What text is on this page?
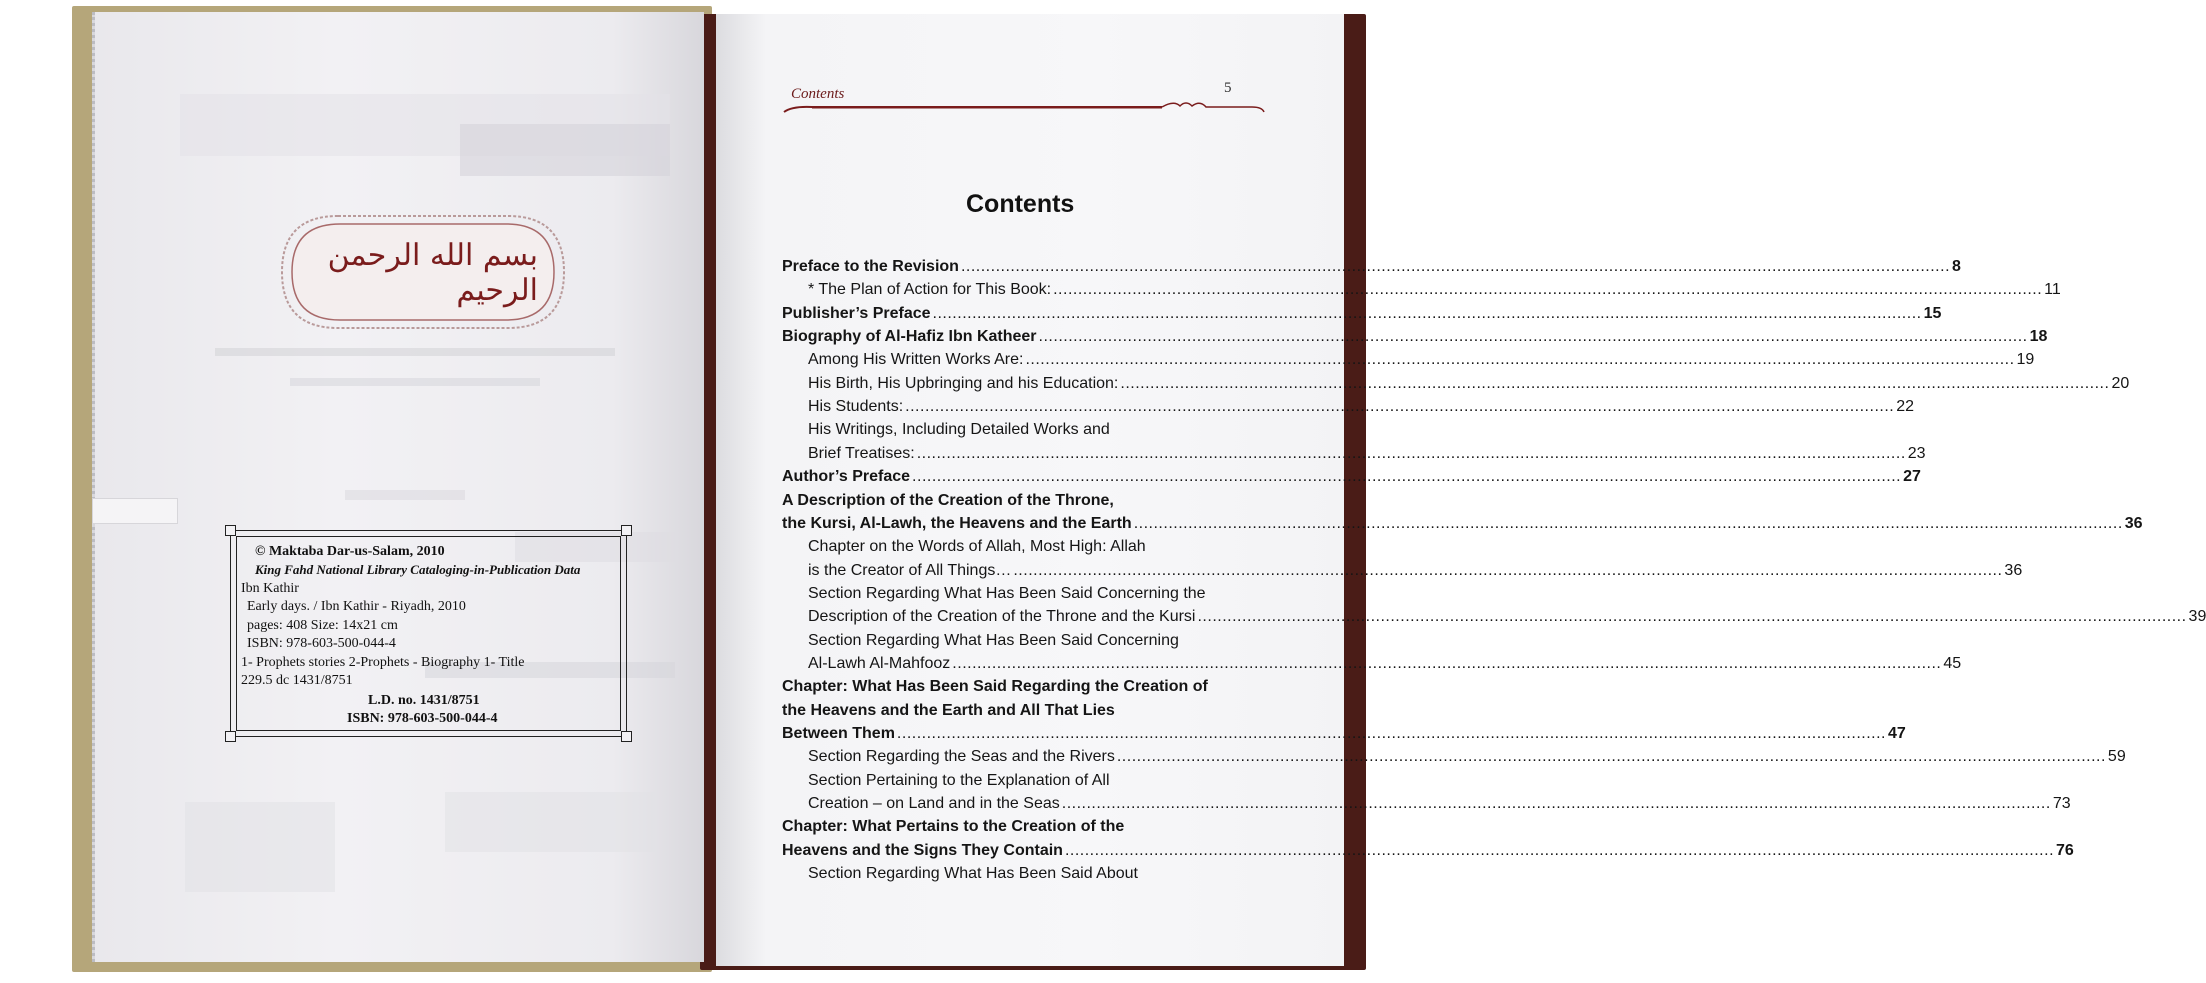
بسم الله الرحمن الرحيم
© Maktaba Dar-us-Salam, 2010
King Fahd National Library Cataloging-in-Publication Data
Ibn Kathir
Early days. / Ibn Kathir - Riyadh, 2010
pages: 408 Size: 14x21 cm
ISBN: 978-603-500-044-4
1- Prophets stories 2-Prophets - Biography 1- Title
229.5 dc 1431/8751
L.D. no. 1431/8751
ISBN: 978-603-500-044-4
Contents	5
Contents
Preface to the Revision ........................................................................................................................................................................................................ 8
* The Plan of Action for This Book: ........................................................................................................................................................................................................ 11
Publisher’s Preface ........................................................................................................................................................................................................ 15
Biography of Al-Hafiz Ibn Katheer ........................................................................................................................................................................................................ 18
Among His Written Works Are: ........................................................................................................................................................................................................ 19
His Birth, His Upbringing and his Education: ........................................................................................................................................................................................................ 20
His Students: ........................................................................................................................................................................................................ 22
His Writings, Including Detailed Works and
Brief Treatises: ........................................................................................................................................................................................................ 23
Author’s Preface ........................................................................................................................................................................................................ 27
A Description of the Creation of the Throne,
the Kursi, Al-Lawh, the Heavens and the Earth ........................................................................................................................................................................................................ 36
Chapter on the Words of Allah, Most High: Allah
is the Creator of All Things… ........................................................................................................................................................................................................ 36
Section Regarding What Has Been Said Concerning the
Description of the Creation of the Throne and the Kursi ........................................................................................................................................................................................................ 39
Section Regarding What Has Been Said Concerning
Al-Lawh Al-Mahfooz ........................................................................................................................................................................................................ 45
Chapter: What Has Been Said Regarding the Creation of
the Heavens and the Earth and All That Lies
Between Them ........................................................................................................................................................................................................ 47
Section Regarding the Seas and the Rivers ........................................................................................................................................................................................................ 59
Section Pertaining to the Explanation of All
Creation – on Land and in the Seas ........................................................................................................................................................................................................ 73
Chapter: What Pertains to the Creation of the
Heavens and the Signs They Contain ........................................................................................................................................................................................................ 76
Section Regarding What Has Been Said About
